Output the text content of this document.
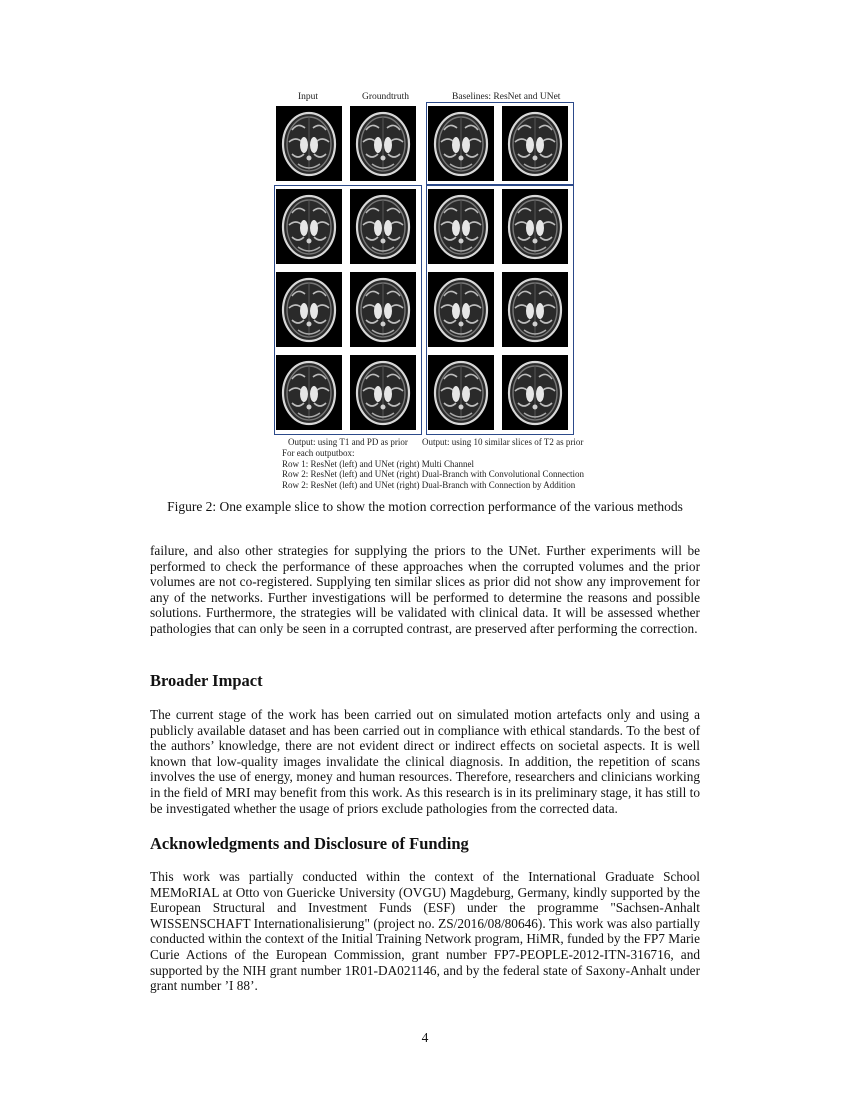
Input	Groundtruth	Baselines: ResNet and UNet
Output: using T1 and PD as prior Output: using 10 similar slices of T2 as prior
For each outputbox:
Row 1: ResNet (left) and UNet (right) Multi Channel
Row 2: ResNet (left) and UNet (right) Dual-Branch with Convolutional Connection
Row 2: ResNet (left) and UNet (right) Dual-Branch with Connection by Addition
Figure 2: One example slice to show the motion correction performance of the various methods

failure, and also other strategies for supplying the priors to the UNet. Further experiments will be performed to check the performance of these approaches when the corrupted volumes and the prior volumes are not co-registered. Supplying ten similar slices as prior did not show any improvement for any of the networks. Further investigations will be performed to determine the reasons and possible solutions. Furthermore, the strategies will be validated with clinical data. It will be assessed whether pathologies that can only be seen in a corrupted contrast, are preserved after performing the correction.

Broader Impact

The current stage of the work has been carried out on simulated motion artefacts only and using a publicly available dataset and has been carried out in compliance with ethical standards. To the best of the authors’ knowledge, there are not evident direct or indirect effects on societal aspects. It is well known that low-quality images invalidate the clinical diagnosis. In addition, the repetition of scans involves the use of energy, money and human resources. Therefore, researchers and clinicians working in the field of MRI may benefit from this work. As this research is in its preliminary stage, it has still to be investigated whether the usage of priors exclude pathologies from the corrected data.

Acknowledgments and Disclosure of Funding

This work was partially conducted within the context of the International Graduate School MEMoRIAL at Otto von Guericke University (OVGU) Magdeburg, Germany, kindly supported by the European Structural and Investment Funds (ESF) under the programme "Sachsen-Anhalt WISSENSCHAFT Internationalisierung" (project no. ZS/2016/08/80646). This work was also partially conducted within the context of the Initial Training Network program, HiMR, funded by the FP7 Marie Curie Actions of the European Commission, grant number FP7-PEOPLE-2012-ITN-316716, and supported by the NIH grant number 1R01-DA021146, and by the federal state of Saxony-Anhalt under grant number ’I 88’.

4
